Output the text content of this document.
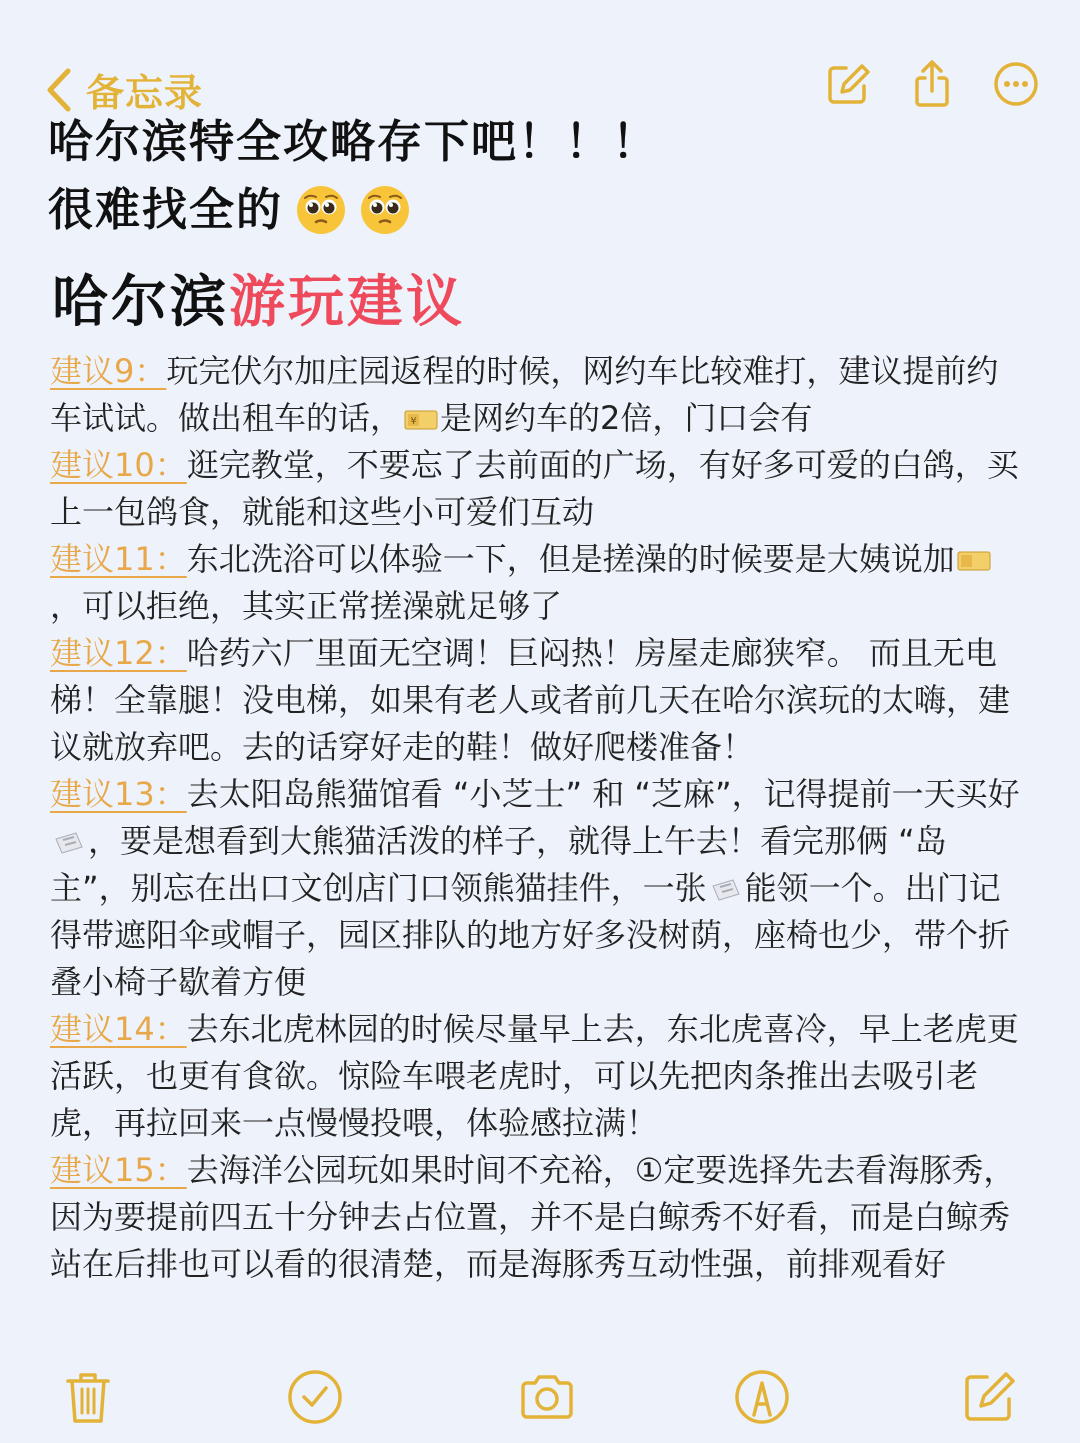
备忘录
哈尔滨特全攻略存下吧！！！
很难找全的
哈尔滨游玩建议

建议9：玩完伏尔加庄园返程的时候，网约车比较难打，建议提前约车试试。做出租车的话， ¥ 是网约车的2倍，门口会有

建议10：逛完教堂，不要忘了去前面的广场，有好多可爱的白鸽，买上一包鸽食，就能和这些小可爱们互动

建议11：东北洗浴可以体验一下，但是搓澡的时候要是大姨说加，可以拒绝，其实正常搓澡就足够了

建议12：哈药六厂里面无空调！巨闷热！房屋走廊狭窄。 而且无电梯！全靠腿！没电梯，如果有老人或者前几天在哈尔滨玩的太嗨，建议就放弃吧。去的话穿好走的鞋！做好爬楼准备！

建议13：去太阳岛熊猫馆看 “小芝士” 和 “芝麻”，记得提前一天买好，要是想看到大熊猫活泼的样子，就得上午去！看完那俩 “岛主”，别忘在出口文创店门口领熊猫挂件，一张 能领一个。出门记得带遮阳伞或帽子，园区排队的地方好多没树荫，座椅也少，带个折叠小椅子歇着方便

建议14：去东北虎林园的时候尽量早上去，东北虎喜冷，早上老虎更活跃，也更有食欲。惊险车喂老虎时，可以先把肉条推出去吸引老虎，再拉回来一点慢慢投喂，体验感拉满！

建议15：去海洋公园玩如果时间不充裕，①定要选择先去看海豚秀，因为要提前四五十分钟去占位置，并不是白鲸秀不好看，而是白鲸秀站在后排也可以看的很清楚，而是海豚秀互动性强，前排观看好
